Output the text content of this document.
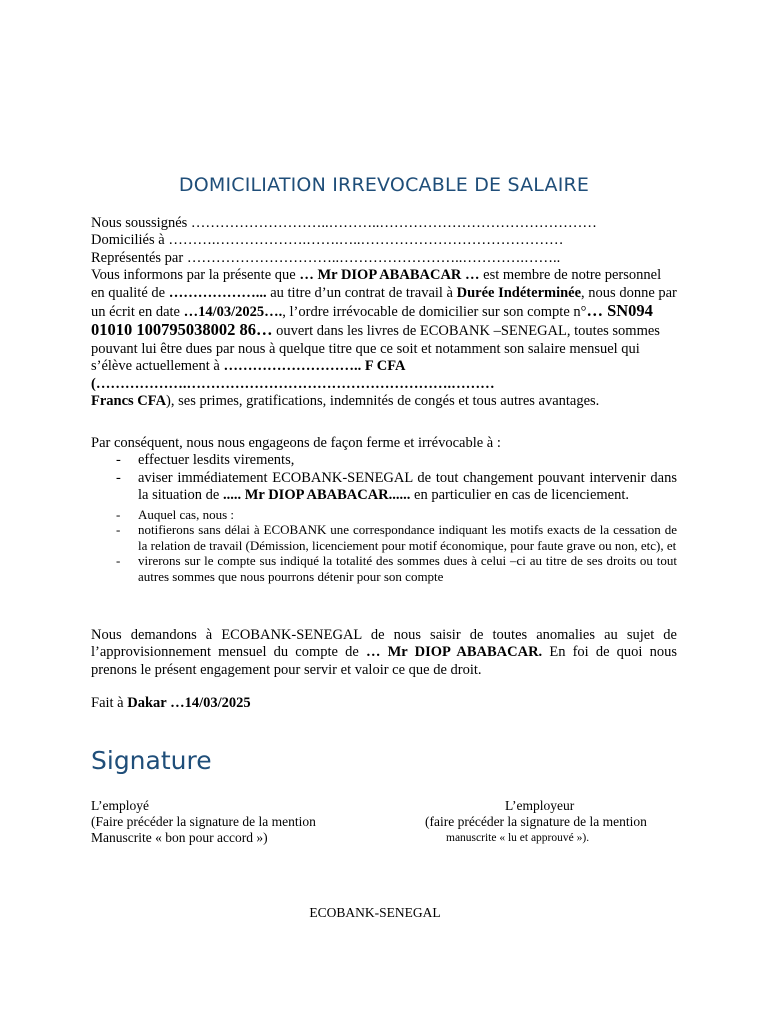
DOMICILIATION IRREVOCABLE DE SALAIRE

Nous soussignés ………………………..………..………………………………………

Domiciliés à ……….……………….…….…..……………………………………

Représentés par …………………………..……………………..………….……..

Vous informons par la présente que … Mr DIOP ABABACAR … est membre de notre personnel en qualité de ………………... au titre d’un contrat de travail à Durée Indéterminée, nous donne par un écrit en date …14/03/2025…., l’ordre irrévocable de domicilier sur son compte n°… SN094 01010 100795038002 86… ouvert dans les livres de ECOBANK –SENEGAL, toutes sommes pouvant lui être dues par nous à quelque titre que ce soit et notamment son salaire mensuel qui s’élève actuellement à ……………………….. F CFA (……………….……………………………………………….………
Francs CFA), ses primes, gratifications, indemnités de congés et tous autres avantages.

Par conséquent, nous nous engageons de façon ferme et irrévocable à :

- effectuer lesdits virements,
- aviser immédiatement ECOBANK-SENEGAL de tout changement pouvant intervenir dans la situation de ..... Mr DIOP ABABACAR...... en particulier en cas de licenciement.
- Auquel cas, nous :
- notifierons sans délai à ECOBANK une correspondance indiquant les motifs exacts de la cessation de la relation de travail (Démission, licenciement pour motif économique, pour faute grave ou non, etc), et
- virerons sur le compte sus indiqué la totalité des sommes dues à celui –ci au titre de ses droits ou tout autres sommes que nous pourrons détenir pour son compte

Nous demandons à ECOBANK-SENEGAL de nous saisir de toutes anomalies au sujet de l’approvisionnement mensuel du compte de … Mr DIOP ABABACAR. En foi de quoi nous prenons le présent engagement pour servir et valoir ce que de droit.

Fait à Dakar …14/03/2025

Signature
L’employé
(Faire précéder la signature de la mention
Manuscrite « bon pour accord »)
L’employeur
(faire précéder la signature de la mention
manuscrite « lu et approuvé »).
ECOBANK-SENEGAL
